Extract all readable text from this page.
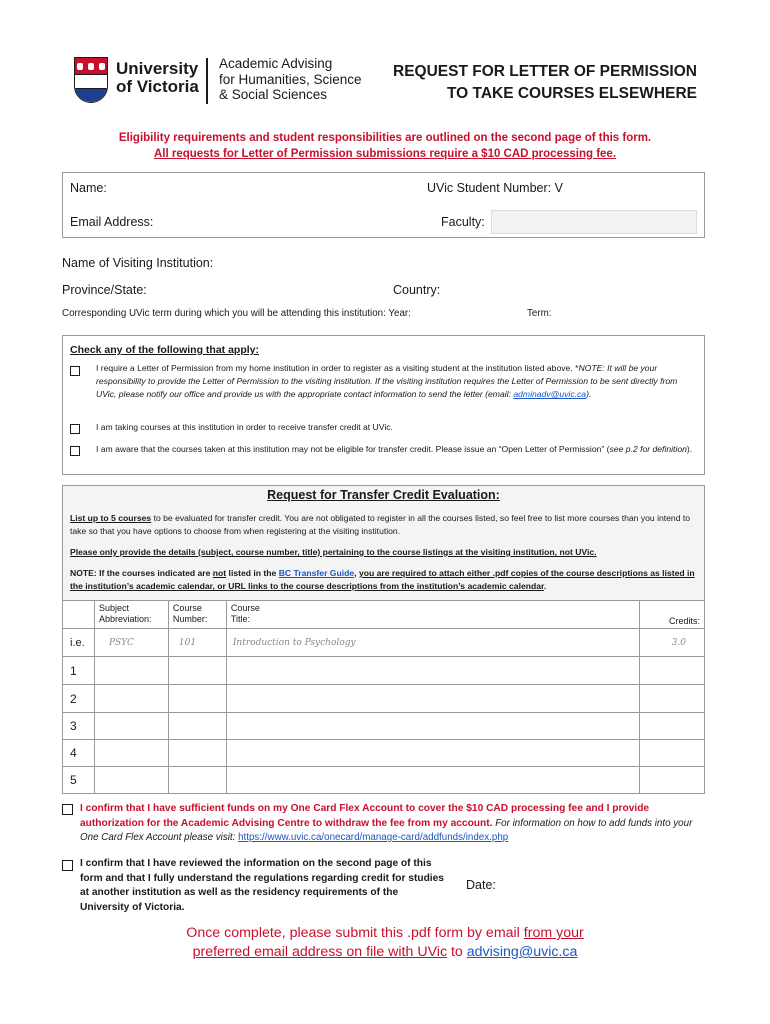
University
of Victoria
Academic Advising
for Humanities, Science
& Social Sciences
REQUEST FOR LETTER OF PERMISSION
TO TAKE COURSES ELSEWHERE
Eligibility requirements and student responsibilities are outlined on the second page of this form.
All requests for Letter of Permission submissions require a $10 CAD processing fee.
Name:	UVic Student Number: V
Email Address:	Faculty:
Name of Visiting Institution:
Province/State:	Country:
Corresponding UVic term during which you will be attending this institution: Year:	Term:
Check any of the following that apply:
I require a Letter of Permission from my home institution in order to register as a visiting student at the institution listed above. *NOTE: It will be your responsibility to provide the Letter of Permission to the visiting institution. If the visiting institution requires the Letter of Permission to be sent directly from UVic, please notify our office and provide us with the appropriate contact information to send the letter (email: adminadv@uvic.ca).
I am taking courses at this institution in order to receive transfer credit at UVic.
I am aware that the courses taken at this institution may not be eligible for transfer credit. Please issue an “Open Letter of Permission” (see p.2 for definition).
Request for Transfer Credit Evaluation:
List up to 5 courses to be evaluated for transfer credit. You are not obligated to register in all the courses listed, so feel free to list more courses than you intend to take so that you have options to choose from when registering at the visiting institution.
Please only provide the details (subject, course number, title) pertaining to the course listings at the visiting institution, not UVic.
NOTE: If the courses indicated are not listed in the BC Transfer Guide, you are required to attach either .pdf copies of the course descriptions as listed in the institution’s academic calendar, or URL links to the course descriptions from the institution’s academic calendar.
	Subject Abbreviation:	Course Number:	Course Title:	Credits:
i.e.	PSYC	101	Introduction to Psychology	3.0
1				
2				
3				
4				
5				
I confirm that I have sufficient funds on my One Card Flex Account to cover the $10 CAD processing fee and I provide authorization for the Academic Advising Centre to withdraw the fee from my account. For information on how to add funds into your One Card Flex Account please visit: https://www.uvic.ca/onecard/manage-card/addfunds/index.php
I confirm that I have reviewed the information on the second page of this form and that I fully understand the regulations regarding credit for studies at another institution as well as the residency requirements of the University of Victoria.
Date:
Once complete, please submit this .pdf form by email from your
preferred email address on file with UVic to advising@uvic.ca
